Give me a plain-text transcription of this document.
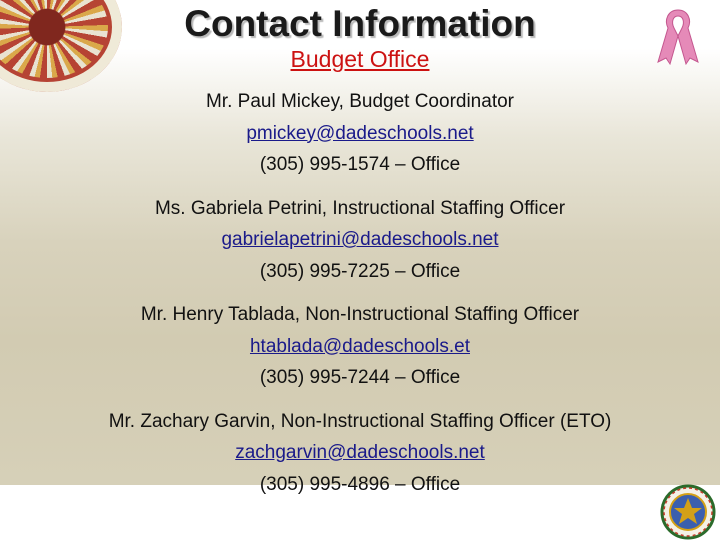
Contact Information
Budget Office
Mr. Paul Mickey, Budget Coordinator
pmickey@dadeschools.net
(305) 995-1574 – Office
Ms. Gabriela Petrini, Instructional Staffing Officer
gabrielapetrini@dadeschools.net
(305) 995-7225 – Office
Mr. Henry Tablada, Non-Instructional Staffing Officer
htablada@dadeschools.et
(305) 995-7244 – Office
Mr. Zachary Garvin, Non-Instructional Staffing Officer (ETO)
zachgarvin@dadeschools.net
(305) 995-4896 – Office
